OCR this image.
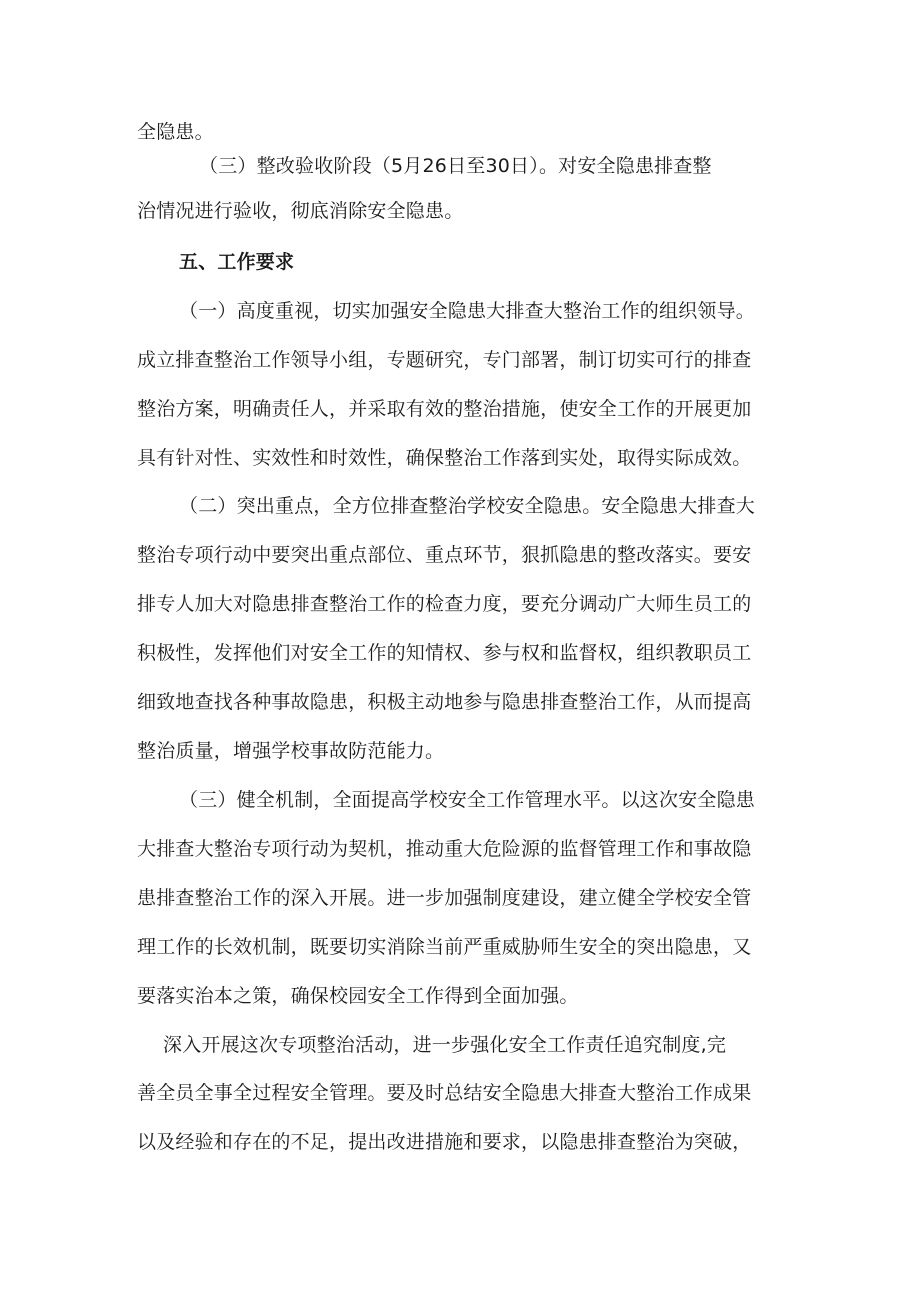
全隐患。
（三）整改验收阶段（5月26日至30日）。对安全隐患排查整
治情况进行验收，彻底消除安全隐患。
五、工作要求
（一）高度重视，切实加强安全隐患大排查大整治工作的组织领导。
成立排查整治工作领导小组，专题研究，专门部署，制订切实可行的排查
整治方案，明确责任人，并采取有效的整治措施，使安全工作的开展更加
具有针对性、实效性和时效性，确保整治工作落到实处，取得实际成效。
（二）突出重点，全方位排查整治学校安全隐患。安全隐患大排查大
整治专项行动中要突出重点部位、重点环节，狠抓隐患的整改落实。要安
排专人加大对隐患排查整治工作的检查力度，要充分调动广大师生员工的
积极性，发挥他们对安全工作的知情权、参与权和监督权，组织教职员工
细致地查找各种事故隐患，积极主动地参与隐患排查整治工作，从而提高
整治质量，增强学校事故防范能力。
（三）健全机制，全面提高学校安全工作管理水平。以这次安全隐患
大排查大整治专项行动为契机，推动重大危险源的监督管理工作和事故隐
患排查整治工作的深入开展。进一步加强制度建设，建立健全学校安全管
理工作的长效机制，既要切实消除当前严重威胁师生安全的突出隐患，又
要落实治本之策，确保校园安全工作得到全面加强。
深入开展这次专项整治活动，进一步强化安全工作责任追究制度,完
善全员全事全过程安全管理。要及时总结安全隐患大排查大整治工作成果
以及经验和存在的不足，提出改进措施和要求，以隐患排查整治为突破，
